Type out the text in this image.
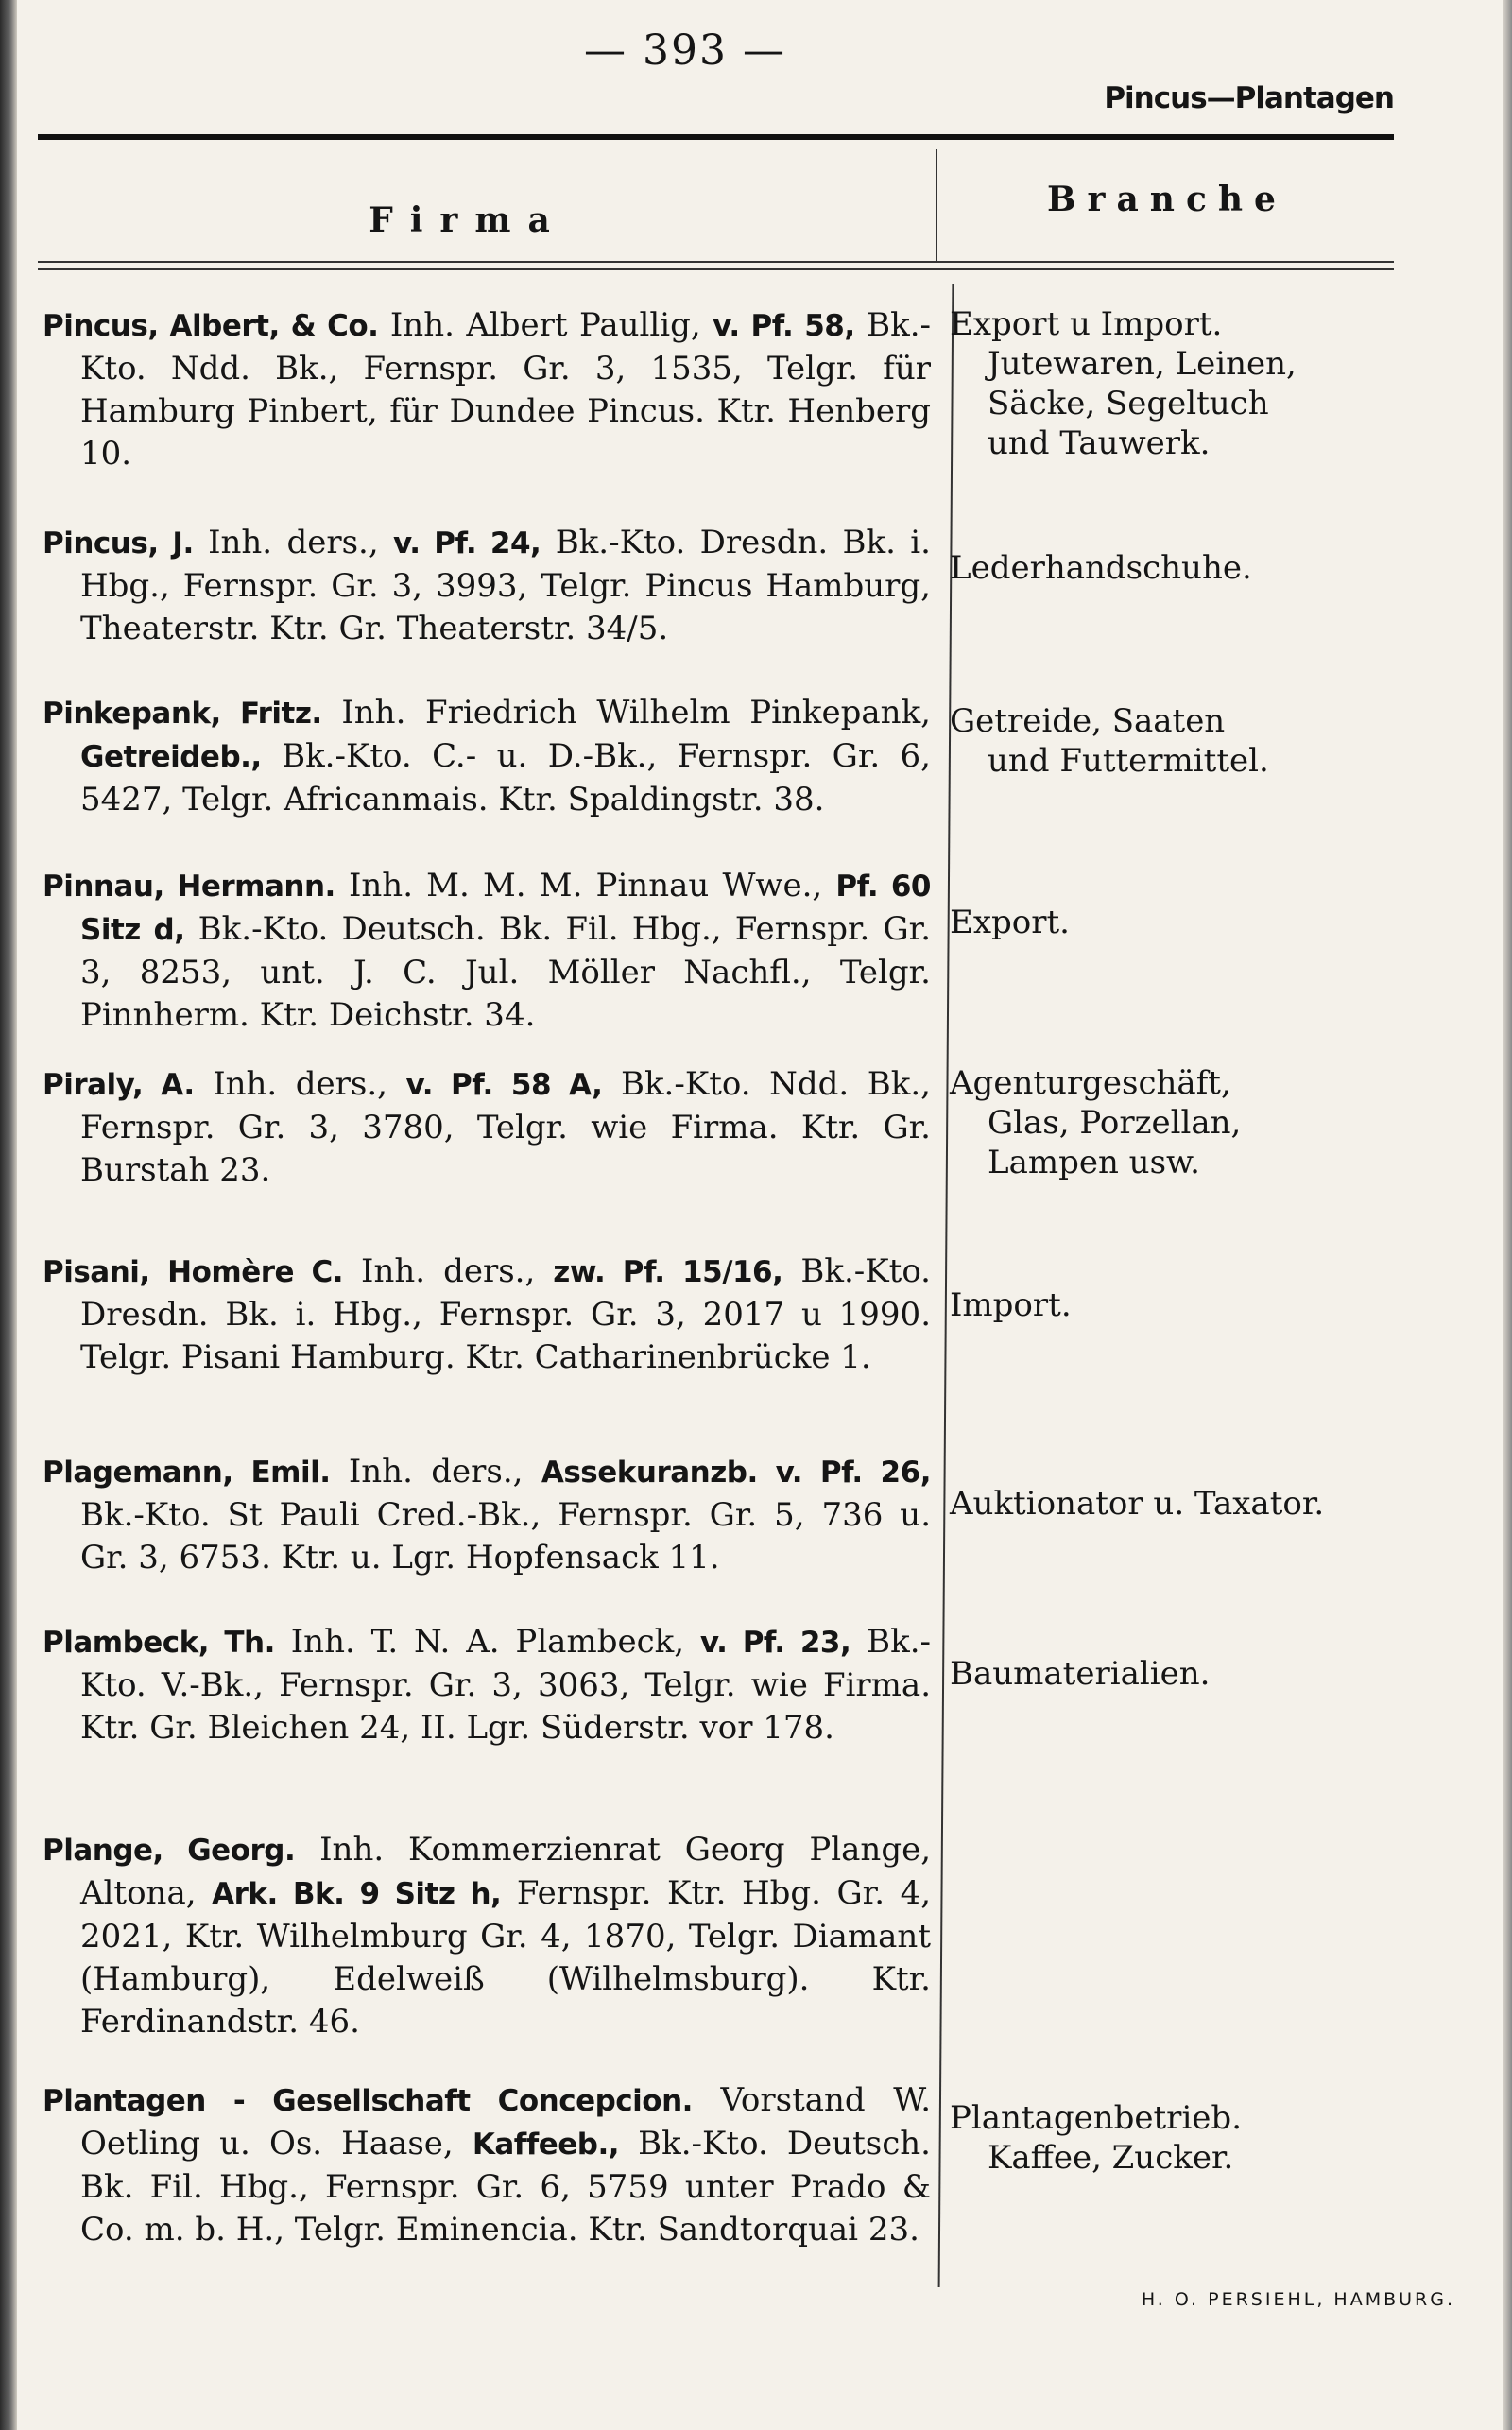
— 393 —
Pincus—Plantagen
Firma
Branche
Pincus, Albert, & Co. Inh. Albert Paullig, v. Pf. 58, Bk.-Kto. Ndd. Bk., Fernspr. Gr. 3, 1535, Telgr. für Hamburg Pinbert, für Dundee Pincus. Ktr. Henberg 10.
Export u Import.
Jutewaren, Leinen,
Säcke, Segeltuch
und Tauwerk.
Pincus, J. Inh. ders., v. Pf. 24, Bk.-Kto. Dresdn. Bk. i. Hbg., Fernspr. Gr. 3, 3993, Telgr. Pincus Hamburg, Theaterstr. Ktr. Gr. Theaterstr. 34/5.
Lederhandschuhe.
Pinkepank, Fritz. Inh. Friedrich Wilhelm Pinkepank, Getreideb., Bk.-Kto. C.- u. D.-Bk., Fernspr. Gr. 6, 5427, Telgr. Africanmais. Ktr. Spaldingstr. 38.
Getreide, Saaten
und Futtermittel.
Pinnau, Hermann. Inh. M. M. M. Pinnau Wwe., Pf. 60 Sitz d, Bk.-Kto. Deutsch. Bk. Fil. Hbg., Fernspr. Gr. 3, 8253, unt. J. C. Jul. Möller Nachfl., Telgr. Pinnherm. Ktr. Deichstr. 34.
Export.
Piraly, A. Inh. ders., v. Pf. 58 A, Bk.-Kto. Ndd. Bk., Fernspr. Gr. 3, 3780, Telgr. wie Firma. Ktr. Gr. Burstah 23.
Agenturgeschäft,
Glas, Porzellan,
Lampen usw.
Pisani, Homère C. Inh. ders., zw. Pf. 15/16, Bk.-Kto. Dresdn. Bk. i. Hbg., Fernspr. Gr. 3, 2017 u 1990. Telgr. Pisani Hamburg. Ktr. Catharinenbrücke 1.
Import.
Plagemann, Emil. Inh. ders., Assekuranzb. v. Pf. 26, Bk.-Kto. St Pauli Cred.-Bk., Fernspr. Gr. 5, 736 u. Gr. 3, 6753. Ktr. u. Lgr. Hopfensack 11.
Auktionator u. Taxator.
Plambeck, Th. Inh. T. N. A. Plambeck, v. Pf. 23, Bk.-Kto. V.-Bk., Fernspr. Gr. 3, 3063, Telgr. wie Firma. Ktr. Gr. Bleichen 24, II. Lgr. Süderstr. vor 178.
Baumaterialien.
Plange, Georg. Inh. Kommerzienrat Georg Plange, Altona, Ark. Bk. 9 Sitz h, Fernspr. Ktr. Hbg. Gr. 4, 2021, Ktr. Wilhelmburg Gr. 4, 1870, Telgr. Diamant (Hamburg), Edelweiß (Wilhelmsburg). Ktr. Ferdinandstr. 46.
Plantagen - Gesellschaft Concepcion. Vorstand W. Oetling u. Os. Haase, Kaffeeb., Bk.-Kto. Deutsch. Bk. Fil. Hbg., Fernspr. Gr. 6, 5759 unter Prado & Co. m. b. H., Telgr. Eminencia. Ktr. Sandtorquai 23.
Plantagenbetrieb.
Kaffee, Zucker.
H. O. PERSIEHL, HAMBURG.
